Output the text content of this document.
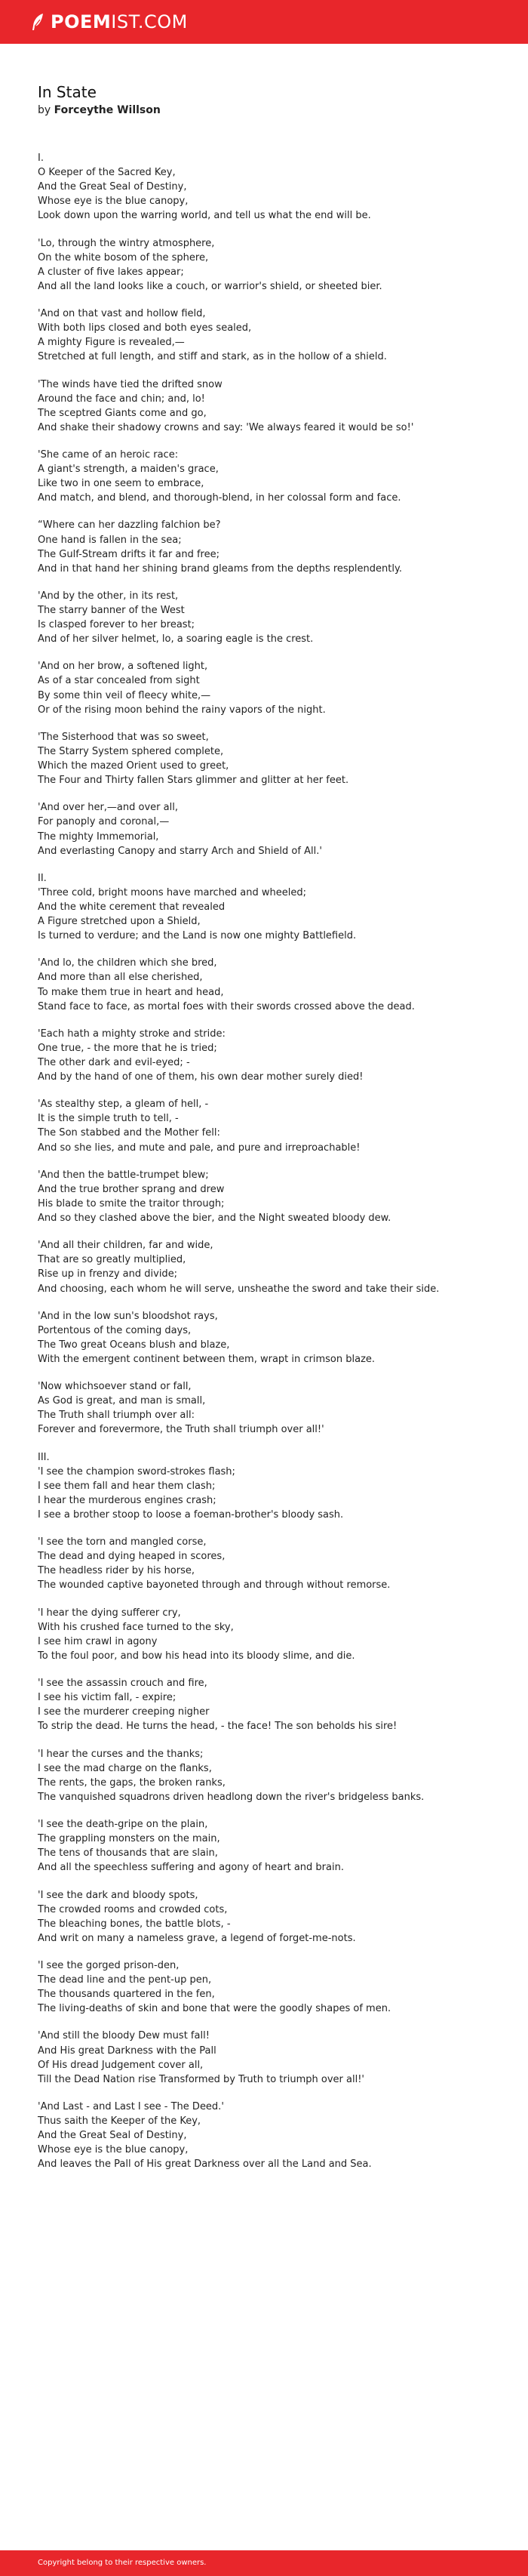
POEM IST.COM
In State

by Forceythe Willson

I.
O Keeper of the Sacred Key,
And the Great Seal of Destiny,
Whose eye is the blue canopy,
Look down upon the warring world, and tell us what the end will be.
'Lo, through the wintry atmosphere,
On the white bosom of the sphere,
A cluster of five lakes appear;
And all the land looks like a couch, or warrior's shield, or sheeted bier.
'And on that vast and hollow field,
With both lips closed and both eyes sealed,
A mighty Figure is revealed,—
Stretched at full length, and stiff and stark, as in the hollow of a shield.
'The winds have tied the drifted snow
Around the face and chin; and, lo!
The sceptred Giants come and go,
And shake their shadowy crowns and say: 'We always feared it would be so!'
'She came of an heroic race:
A giant's strength, a maiden's grace,
Like two in one seem to embrace,
And match, and blend, and thorough-blend, in her colossal form and face.
“Where can her dazzling falchion be?
One hand is fallen in the sea;
The Gulf-Stream drifts it far and free;
And in that hand her shining brand gleams from the depths resplendently.
'And by the other, in its rest,
The starry banner of the West
Is clasped forever to her breast;
And of her silver helmet, lo, a soaring eagle is the crest.
'And on her brow, a softened light,
As of a star concealed from sight
By some thin veil of fleecy white,—
Or of the rising moon behind the rainy vapors of the night.
'The Sisterhood that was so sweet,
The Starry System sphered complete,
Which the mazed Orient used to greet,
The Four and Thirty fallen Stars glimmer and glitter at her feet.
'And over her,—and over all,
For panoply and coronal,—
The mighty Immemorial,
And everlasting Canopy and starry Arch and Shield of All.'
II.
'Three cold, bright moons have marched and wheeled;
And the white cerement that revealed
A Figure stretched upon a Shield,
Is turned to verdure; and the Land is now one mighty Battlefield.
'And lo, the children which she bred,
And more than all else cherished,
To make them true in heart and head,
Stand face to face, as mortal foes with their swords crossed above the dead.
'Each hath a mighty stroke and stride:
One true, - the more that he is tried;
The other dark and evil-eyed; -
And by the hand of one of them, his own dear mother surely died!
'As stealthy step, a gleam of hell, -
It is the simple truth to tell, -
The Son stabbed and the Mother fell:
And so she lies, and mute and pale, and pure and irreproachable!
'And then the battle-trumpet blew;
And the true brother sprang and drew
His blade to smite the traitor through;
And so they clashed above the bier, and the Night sweated bloody dew.
'And all their children, far and wide,
That are so greatly multiplied,
Rise up in frenzy and divide;
And choosing, each whom he will serve, unsheathe the sword and take their side.
'And in the low sun's bloodshot rays,
Portentous of the coming days,
The Two great Oceans blush and blaze,
With the emergent continent between them, wrapt in crimson blaze.
'Now whichsoever stand or fall,
As God is great, and man is small,
The Truth shall triumph over all:
Forever and forevermore, the Truth shall triumph over all!'
III.
'I see the champion sword-strokes flash;
I see them fall and hear them clash;
I hear the murderous engines crash;
I see a brother stoop to loose a foeman-brother's bloody sash.
'I see the torn and mangled corse,
The dead and dying heaped in scores,
The headless rider by his horse,
The wounded captive bayoneted through and through without remorse.
'I hear the dying sufferer cry,
With his crushed face turned to the sky,
I see him crawl in agony
To the foul poor, and bow his head into its bloody slime, and die.
'I see the assassin crouch and fire,
I see his victim fall, - expire;
I see the murderer creeping nigher
To strip the dead. He turns the head, - the face! The son beholds his sire!
'I hear the curses and the thanks;
I see the mad charge on the flanks,
The rents, the gaps, the broken ranks,
The vanquished squadrons driven headlong down the river's bridgeless banks.
'I see the death-gripe on the plain,
The grappling monsters on the main,
The tens of thousands that are slain,
And all the speechless suffering and agony of heart and brain.
'I see the dark and bloody spots,
The crowded rooms and crowded cots,
The bleaching bones, the battle blots, -
And writ on many a nameless grave, a legend of forget-me-nots.
'I see the gorged prison-den,
The dead line and the pent-up pen,
The thousands quartered in the fen,
The living-deaths of skin and bone that were the goodly shapes of men.
'And still the bloody Dew must fall!
And His great Darkness with the Pall
Of His dread Judgement cover all,
Till the Dead Nation rise Transformed by Truth to triumph over all!'
'And Last - and Last I see - The Deed.'
Thus saith the Keeper of the Key,
And the Great Seal of Destiny,
Whose eye is the blue canopy,
And leaves the Pall of His great Darkness over all the Land and Sea.
Copyright belong to their respective owners.
